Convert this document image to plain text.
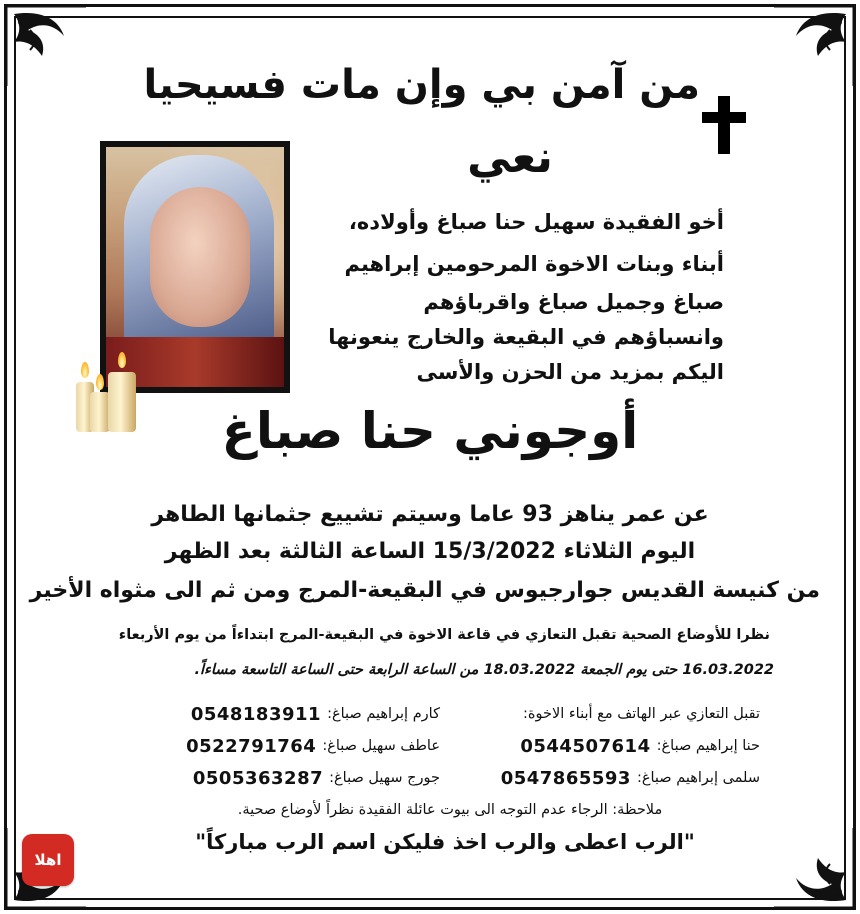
من آمن بي وإن مات فسيحيا
نعي
أخو الفقيدة سهيل حنا صباغ وأولاده،
أبناء وبنات الاخوة المرحومين إبراهيم
صباغ وجميل صباغ واقرباؤهم
وانسباؤهم في البقيعة والخارج ينعونها
اليكم بمزيد من الحزن والأسى
أوجوني حنا صباغ
عن عمر يناهز 93 عاما وسيتم تشييع جثمانها الطاهر
اليوم الثلاثاء 15/3/2022 الساعة الثالثة بعد الظهر
من كنيسة القديس جوارجيوس في البقيعة-المرج ومن ثم الى مثواه الأخير
نظرا للأوضاع الصحية تقبل التعازي في قاعة الاخوة في البقيعة-المرج ابتداءاً من يوم الأربعاء
16.03.2022 حتى يوم الجمعة 18.03.2022 من الساعة الرابعة حتى الساعة التاسعة مساءاً.
تقبل التعازي عبر الهاتف مع أبناء الاخوة:
حنا إبراهيم صباغ:
0544507614
سلمى إبراهيم صباغ:
0547865593
كارم إبراهيم صباغ:
0548183911
عاطف سهيل صباغ:
0522791764
جورج سهيل صباغ:
0505363287
ملاحظة: الرجاء عدم التوجه الى بيوت عائلة الفقيدة نظراً لأوضاع صحية.
"الرب اعطى والرب اخذ فليكن اسم الرب مباركاً"
اهلا
